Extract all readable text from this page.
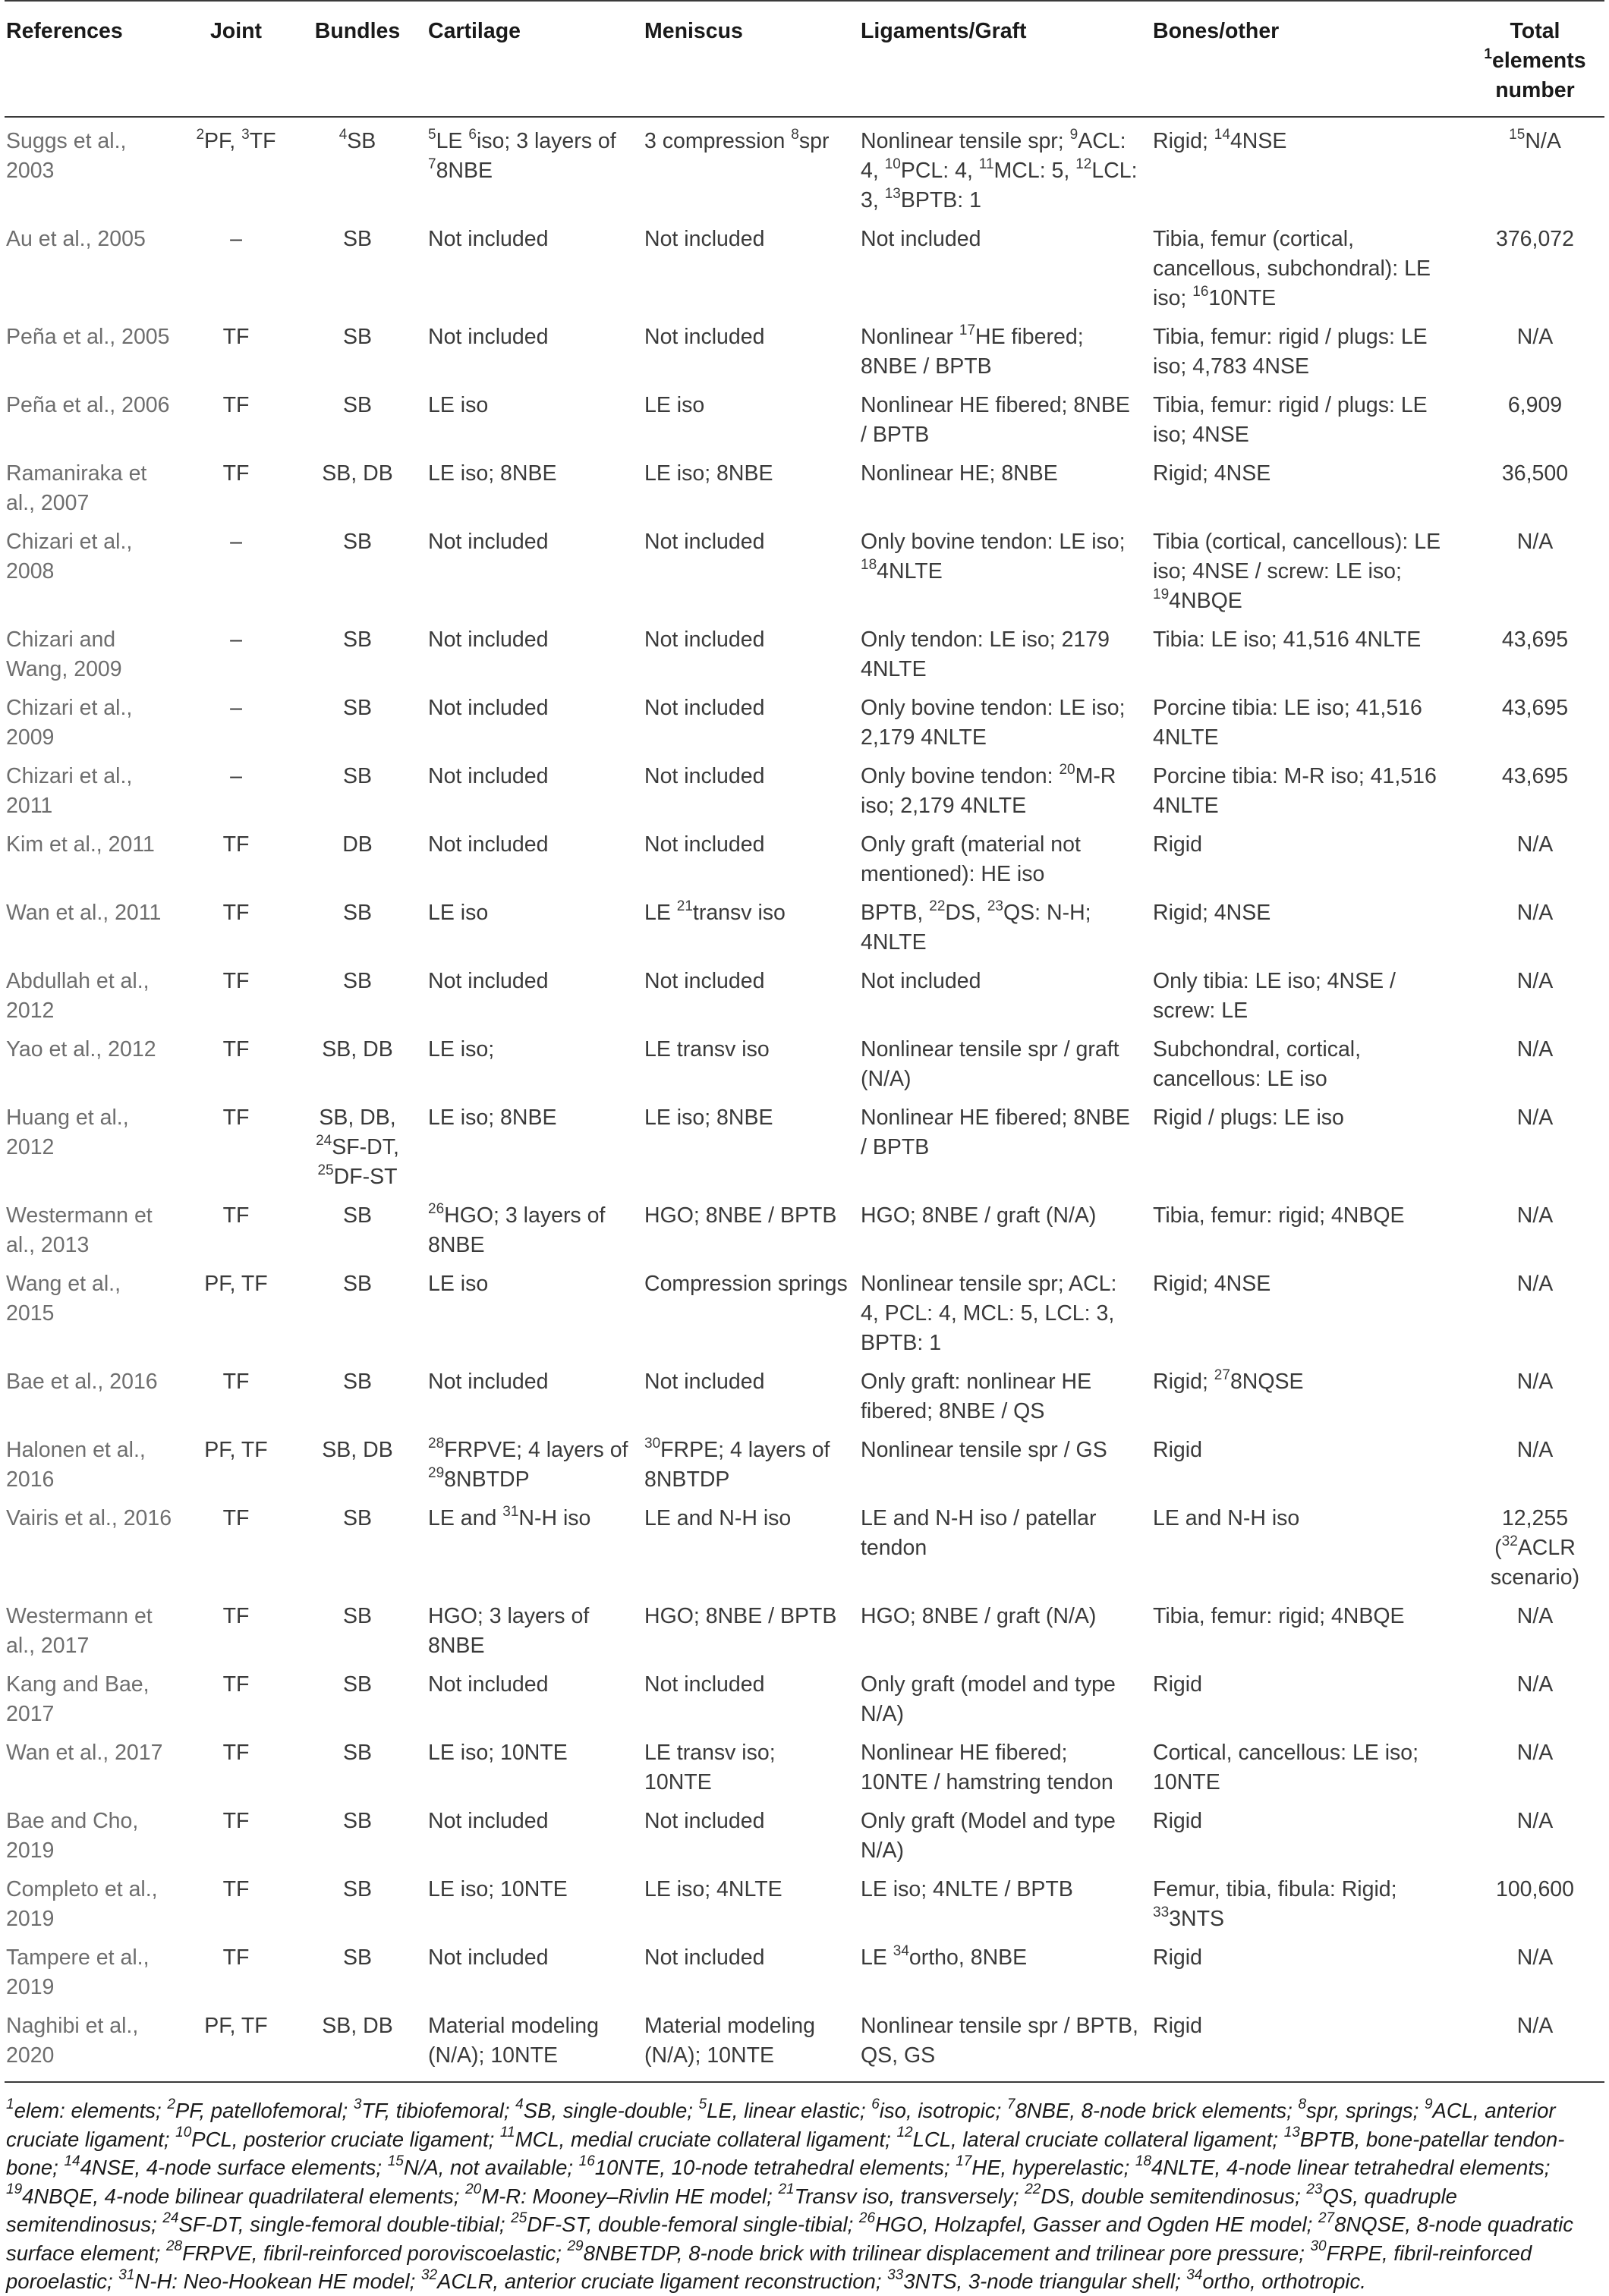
References	Joint	Bundles	Cartilage	Meniscus	Ligaments/Graft	Bones/other	Total $^1$elements number
Suggs et al., 2003	$^2$PF, $^3$TF	$^4$SB	$^5$LE $^6$iso; 3 layers of $^7$8NBE	3 compression $^8$spr	Nonlinear tensile spr; $^9$ACL: 4, $^{10}$PCL: 4, $^{11}$MCL: 5, $^{12}$LCL: 3, $^{13}$BPTB: 1	Rigid; $^{14}$4NSE	$^{15}$N/A
Au et al., 2005	–	SB	Not included	Not included	Not included	Tibia, femur (cortical, cancellous, subchondral): LE iso; $^{16}$10NTE	376,072
Peña et al., 2005	TF	SB	Not included	Not included	Nonlinear $^{17}$HE fibered; 8NBE / BPTB	Tibia, femur: rigid / plugs: LE iso; 4,783 4NSE	N/A
Peña et al., 2006	TF	SB	LE iso	LE iso	Nonlinear HE fibered; 8NBE / BPTB	Tibia, femur: rigid / plugs: LE iso; 4NSE	6,909
Ramaniraka et al., 2007	TF	SB, DB	LE iso; 8NBE	LE iso; 8NBE	Nonlinear HE; 8NBE	Rigid; 4NSE	36,500
Chizari et al., 2008	–	SB	Not included	Not included	Only bovine tendon: LE iso; $^{18}$4NLTE	Tibia (cortical, cancellous): LE iso; 4NSE / screw: LE iso; $^{19}$4NBQE	N/A
Chizari and Wang, 2009	–	SB	Not included	Not included	Only tendon: LE iso; 2179 4NLTE	Tibia: LE iso; 41,516 4NLTE	43,695
Chizari et al., 2009	–	SB	Not included	Not included	Only bovine tendon: LE iso; 2,179 4NLTE	Porcine tibia: LE iso; 41,516 4NLTE	43,695
Chizari et al., 2011	–	SB	Not included	Not included	Only bovine tendon: $^{20}$M-R iso; 2,179 4NLTE	Porcine tibia: M-R iso; 41,516 4NLTE	43,695
Kim et al., 2011	TF	DB	Not included	Not included	Only graft (material not mentioned): HE iso	Rigid	N/A
Wan et al., 2011	TF	SB	LE iso	LE $^{21}$transv iso	BPTB, $^{22}$DS, $^{23}$QS: N-H; 4NLTE	Rigid; 4NSE	N/A
Abdullah et al., 2012	TF	SB	Not included	Not included	Not included	Only tibia: LE iso; 4NSE / screw: LE	N/A
Yao et al., 2012	TF	SB, DB	LE iso;	LE transv iso	Nonlinear tensile spr / graft (N/A)	Subchondral, cortical, cancellous: LE iso	N/A
Huang et al., 2012	TF	SB, DB, $^{24}$SF-DT, $^{25}$DF-ST	LE iso; 8NBE	LE iso; 8NBE	Nonlinear HE fibered; 8NBE / BPTB	Rigid / plugs: LE iso	N/A
Westermann et al., 2013	TF	SB	$^{26}$HGO; 3 layers of 8NBE	HGO; 8NBE / BPTB	HGO; 8NBE / graft (N/A)	Tibia, femur: rigid; 4NBQE	N/A
Wang et al., 2015	PF, TF	SB	LE iso	Compression springs	Nonlinear tensile spr; ACL: 4, PCL: 4, MCL: 5, LCL: 3, BPTB: 1	Rigid; 4NSE	N/A
Bae et al., 2016	TF	SB	Not included	Not included	Only graft: nonlinear HE fibered; 8NBE / QS	Rigid; $^{27}$8NQSE	N/A
Halonen et al., 2016	PF, TF	SB, DB	$^{28}$FRPVE; 4 layers of $^{29}$8NBTDP	$^{30}$FRPE; 4 layers of 8NBTDP	Nonlinear tensile spr / GS	Rigid	N/A
Vairis et al., 2016	TF	SB	LE and $^{31}$N-H iso	LE and N-H iso	LE and N-H iso / patellar tendon	LE and N-H iso	12,255 ($^{32}$ACLR scenario)
Westermann et al., 2017	TF	SB	HGO; 3 layers of 8NBE	HGO; 8NBE / BPTB	HGO; 8NBE / graft (N/A)	Tibia, femur: rigid; 4NBQE	N/A
Kang and Bae, 2017	TF	SB	Not included	Not included	Only graft (model and type N/A)	Rigid	N/A
Wan et al., 2017	TF	SB	LE iso; 10NTE	LE transv iso; 10NTE	Nonlinear HE fibered; 10NTE / hamstring tendon	Cortical, cancellous: LE iso; 10NTE	N/A
Bae and Cho, 2019	TF	SB	Not included	Not included	Only graft (Model and type N/A)	Rigid	N/A
Completo et al., 2019	TF	SB	LE iso; 10NTE	LE iso; 4NLTE	LE iso; 4NLTE / BPTB	Femur, tibia, fibula: Rigid; $^{33}$3NTS	100,600
Tampere et al., 2019	TF	SB	Not included	Not included	LE $^{34}$ortho, 8NBE	Rigid	N/A
Naghibi et al., 2020	PF, TF	SB, DB	Material modeling (N/A); 10NTE	Material modeling (N/A); 10NTE	Nonlinear tensile spr / BPTB, QS, GS	Rigid	N/A
$^1$elem: elements; $^2$PF, patellofemoral; $^3$TF, tibiofemoral; $^4$SB, single-double; $^5$LE, linear elastic; $^6$iso, isotropic; $^7$8NBE, 8-node brick elements; $^8$spr, springs; $^9$ACL, anterior cruciate ligament; $^{10}$PCL, posterior cruciate ligament; $^{11}$MCL, medial cruciate collateral ligament; $^{12}$LCL, lateral cruciate collateral ligament; $^{13}$BPTB, bone-patellar tendon-bone; $^{14}$4NSE, 4-node surface elements; $^{15}$N/A, not available; $^{16}$10NTE, 10-node tetrahedral elements; $^{17}$HE, hyperelastic; $^{18}$4NLTE, 4-node linear tetrahedral elements; $^{19}$4NBQE, 4-node bilinear quadrilateral elements; $^{20}$M-R: Mooney–Rivlin HE model; $^{21}$Transv iso, transversely; $^{22}$DS, double semitendinosus; $^{23}$QS, quadruple semitendinosus; $^{24}$SF-DT, single-femoral double-tibial; $^{25}$DF-ST, double-femoral single-tibial; $^{26}$HGO, Holzapfel, Gasser and Ogden HE model; $^{27}$8NQSE, 8-node quadratic surface element; $^{28}$FRPVE, fibril-reinforced poroviscoelastic; $^{29}$8NBETDP, 8-node brick with trilinear displacement and trilinear pore pressure; $^{30}$FRPE, fibril-reinforced poroelastic; $^{31}$N-H: Neo-Hookean HE model; $^{32}$ACLR, anterior cruciate ligament reconstruction; $^{33}$3NTS, 3-node triangular shell; $^{34}$ortho, orthotropic.
